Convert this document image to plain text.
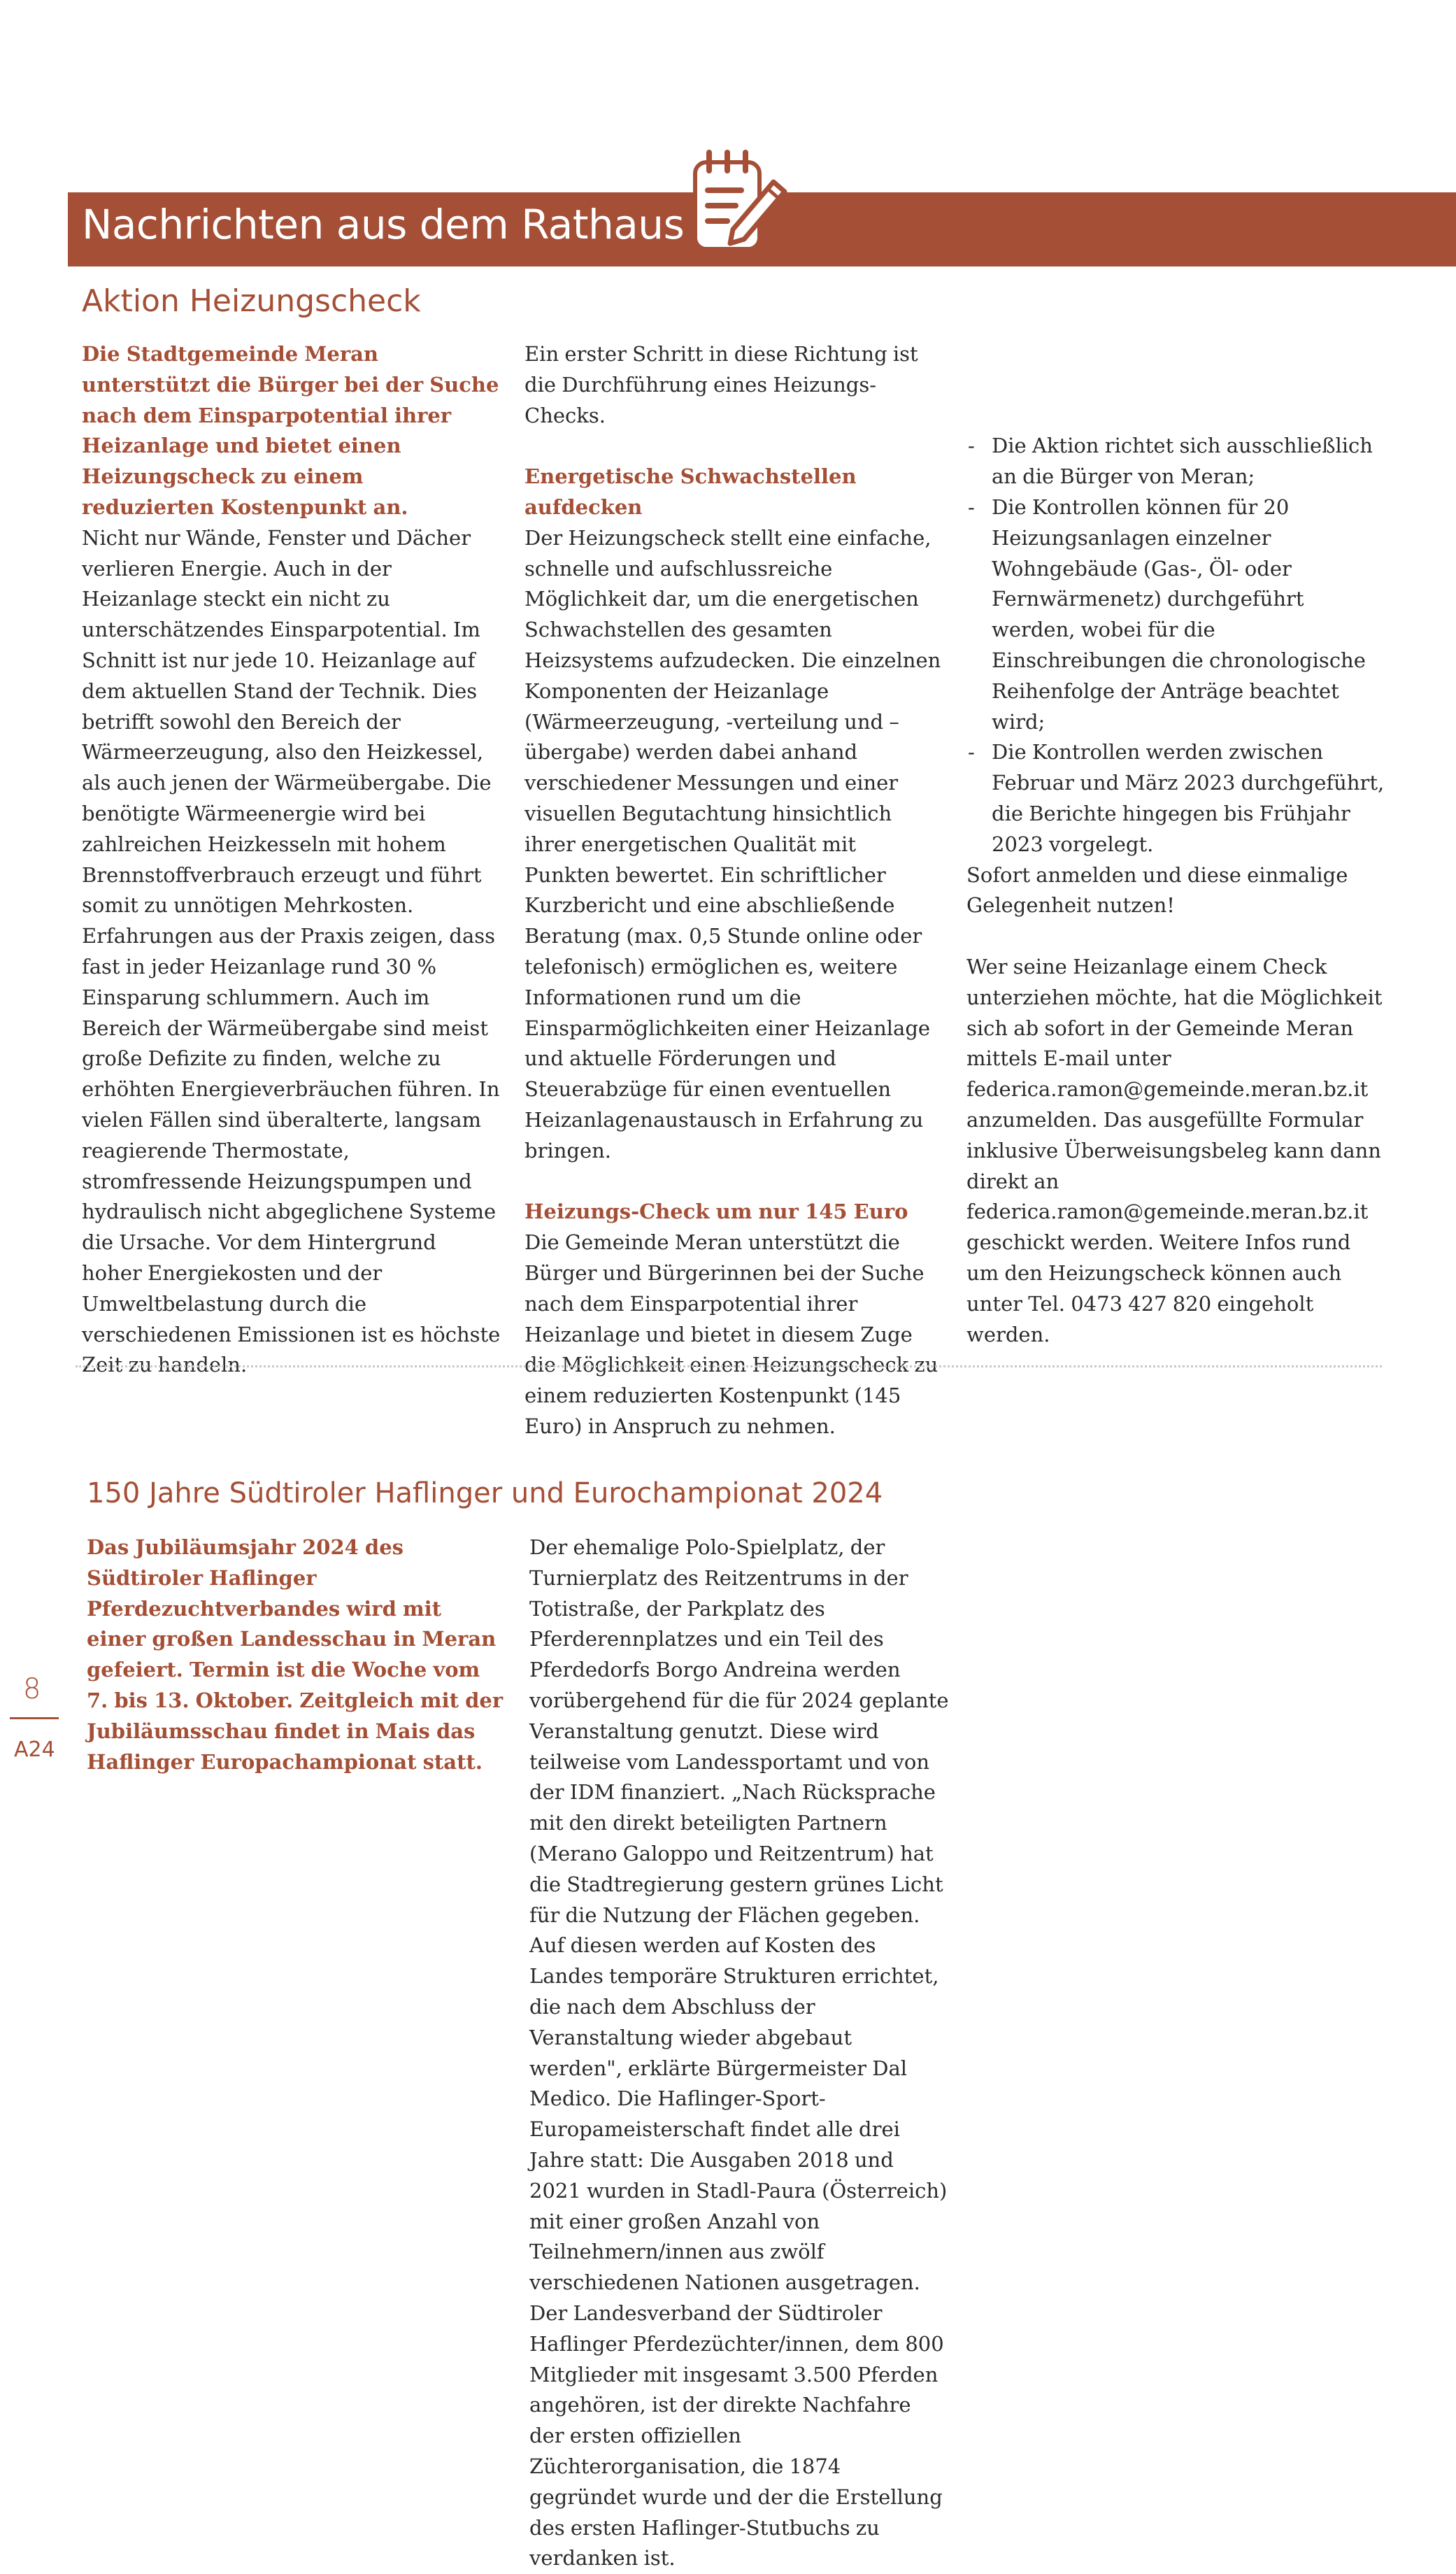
Nachrichten aus dem Rathaus
Aktion Heizungscheck

Die Stadtgemeinde Meran unterstützt die Bürger bei der Suche nach dem Einsparpotential ihrer Heizanlage und bietet einen Heizungscheck zu einem reduzierten Kostenpunkt an.

Nicht nur Wände, Fenster und Dächer verlieren Energie. Auch in der Heizanlage steckt ein nicht zu unterschätzendes Einsparpotential. Im Schnitt ist nur jede 10. Heizanlage auf dem aktuellen Stand der Technik. Dies betrifft sowohl den Bereich der Wärmeerzeugung, also den Heizkessel, als auch jenen der Wärmeübergabe. Die benötigte Wärmeenergie wird bei zahlreichen Heizkesseln mit hohem Brennstoffverbrauch erzeugt und führt somit zu unnötigen Mehrkosten. Erfahrungen aus der Praxis zeigen, dass fast in jeder Heizanlage rund 30 % Einsparung schlummern. Auch im Bereich der Wärmeübergabe sind meist große Defizite zu finden, welche zu erhöhten Energieverbräuchen führen. In vielen Fällen sind überalterte, langsam reagierende Thermostate, stromfressende Heizungspumpen und hydraulisch nicht abgeglichene Systeme die Ursache. Vor dem Hintergrund hoher Energiekosten und der Umweltbelastung durch die verschiedenen Emissionen ist es höchste Zeit zu handeln.

Ein erster Schritt in diese Richtung ist die Durchführung eines Heizungs-Checks.

Energetische Schwachstellen aufdecken

Der Heizungscheck stellt eine einfache, schnelle und aufschlussreiche Möglichkeit dar, um die energetischen Schwachstellen des gesamten Heizsystems aufzudecken. Die einzelnen Komponenten der Heizanlage (Wärmeerzeugung, -verteilung und –übergabe) werden dabei anhand verschiedener Messungen und einer visuellen Begutachtung hinsichtlich ihrer energetischen Qualität mit Punkten bewertet. Ein schriftlicher Kurzbericht und eine abschließende Beratung (max. 0,5 Stunde online oder telefonisch) ermöglichen es, weitere Informationen rund um die Einsparmöglichkeiten einer Heizanlage und aktuelle Förderungen und Steuerabzüge für einen eventuellen Heizanlagenaustausch in Erfahrung zu bringen.

Heizungs-Check um nur 145 Euro

Die Gemeinde Meran unterstützt die Bürger und Bürgerinnen bei der Suche nach dem Einsparpotential ihrer Heizanlage und bietet in diesem Zuge die Möglichkeit einen Heizungscheck zu einem reduzierten Kostenpunkt (145 Euro) in Anspruch zu nehmen.

- Die Aktion richtet sich ausschließlich an die Bürger von Meran;
- Die Kontrollen können für 20 Heizungsanlagen einzelner Wohngebäude (Gas-, Öl- oder Fernwärmenetz) durchgeführt werden, wobei für die Einschreibungen die chronologische Reihenfolge der Anträge beachtet wird;
- Die Kontrollen werden zwischen Februar und März 2023 durchgeführt, die Berichte hingegen bis Frühjahr 2023 vorgelegt.

Sofort anmelden und diese einmalige Gelegenheit nutzen!

Wer seine Heizanlage einem Check unterziehen möchte, hat die Möglichkeit sich ab sofort in der Gemeinde Meran mittels E-mail unter federica.ramon@gemeinde.meran.bz.it anzumelden. Das ausgefüllte Formular inklusive Überweisungsbeleg kann dann direkt an federica.ramon@gemeinde.meran.bz.it geschickt werden. Weitere Infos rund um den Heizungscheck können auch unter Tel. 0473 427 820 eingeholt werden.

150 Jahre Südtiroler Haflinger und Eurochampionat 2024

Das Jubiläumsjahr 2024 des Südtiroler Haflinger Pferdezuchtverbandes wird mit einer großen Landesschau in Meran gefeiert. Termin ist die Woche vom 7. bis 13. Oktober. Zeitgleich mit der Jubiläumsschau findet in Mais das Haflinger Europachampionat statt.

Der ehemalige Polo-Spielplatz, der Turnierplatz des Reitzentrums in der Totistraße, der Parkplatz des Pferderennplatzes und ein Teil des Pferdedorfs Borgo Andreina werden vorübergehend für die für 2024 geplante Veranstaltung genutzt. Diese wird teilweise vom Landessportamt und von der IDM finanziert. „Nach Rücksprache mit den direkt beteiligten Partnern (Merano Galoppo und Reitzentrum) hat die Stadtregierung gestern grünes Licht für die Nutzung der Flächen gegeben. Auf diesen werden auf Kosten des Landes temporäre Strukturen errichtet, die nach dem Abschluss der Veranstaltung wieder abgebaut werden", erklärte Bürgermeister Dal Medico. Die Haflinger-Sport-Europameisterschaft findet alle drei Jahre statt: Die Ausgaben 2018 und 2021 wurden in Stadl-Paura (Österreich) mit einer großen Anzahl von Teilnehmern/innen aus zwölf verschiedenen Nationen ausgetragen. Der Landesverband der Südtiroler Haflinger Pferdezüchter/innen, dem 800 Mitglieder mit insgesamt 3.500 Pferden angehören, ist der direkte Nachfahre der ersten offiziellen Züchterorganisation, die 1874 gegründet wurde und der die Erstellung des ersten Haflinger-Stutbuchs zu verdanken ist.

8
A24
